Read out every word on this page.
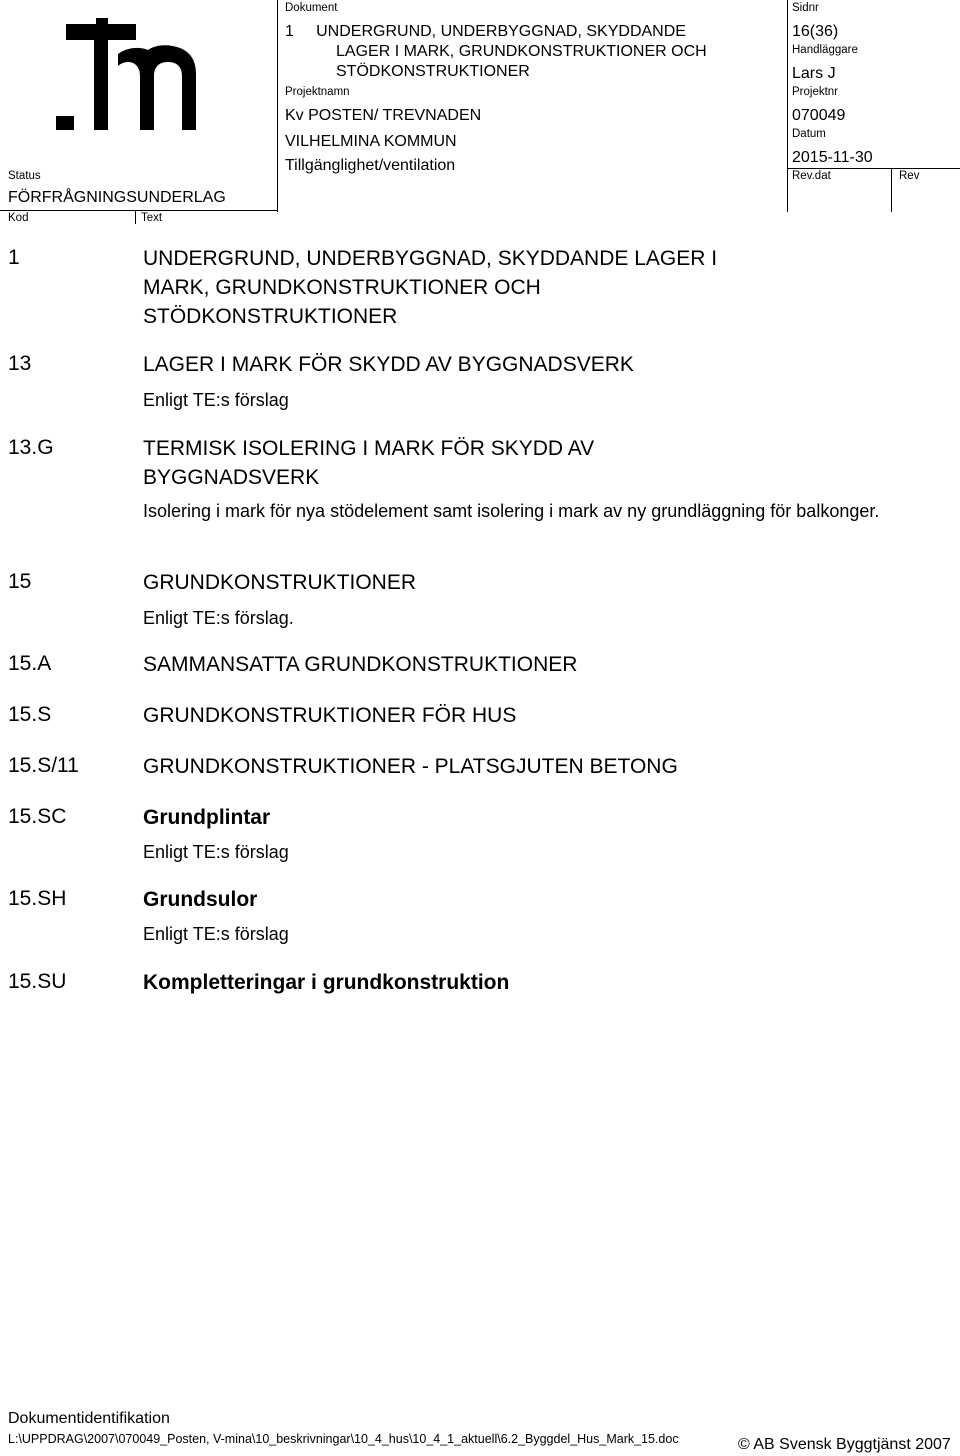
Status
FÖRFRÅGNINGSUNDERLAG
Kod	Text
Dokument
1     UNDERGRUND, UNDERBYGGNAD, SKYDDANDE
LAGER I MARK, GRUNDKONSTRUKTIONER OCH
STÖDKONSTRUKTIONER
Projektnamn
Kv POSTEN/ TREVNADEN
VILHELMINA KOMMUN
Tillgänglighet/ventilation
Sidnr
16(36)
Handläggare
Lars J
Projektnr
070049
Datum
2015-11-30
Rev.dat	Rev
1	UNDERGRUND, UNDERBYGGNAD, SKYDDANDE LAGER I
MARK, GRUNDKONSTRUKTIONER OCH
STÖDKONSTRUKTIONER
13	LAGER I MARK FÖR SKYDD AV BYGGNADSVERK
Enligt TE:s förslag
13.G	TERMISK ISOLERING I MARK FÖR SKYDD AV
BYGGNADSVERK
Isolering i mark för nya stödelement samt isolering i mark av ny grundläggning för balkonger.
15	GRUNDKONSTRUKTIONER
Enligt TE:s förslag.
15.A	SAMMANSATTA GRUNDKONSTRUKTIONER
15.S	GRUNDKONSTRUKTIONER FÖR HUS
15.S/11	GRUNDKONSTRUKTIONER - PLATSGJUTEN BETONG
15.SC	Grundplintar
Enligt TE:s förslag
15.SH	Grundsulor
Enligt TE:s förslag
15.SU	Kompletteringar i grundkonstruktion
Dokumentidentifikation
L:\UPPDRAG\2007\070049_Posten, V-mina\10_beskrivningar\10_4_hus\10_4_1_aktuell\6.2_Byggdel_Hus_Mark_15.doc	© AB Svensk Byggtjänst 2007
